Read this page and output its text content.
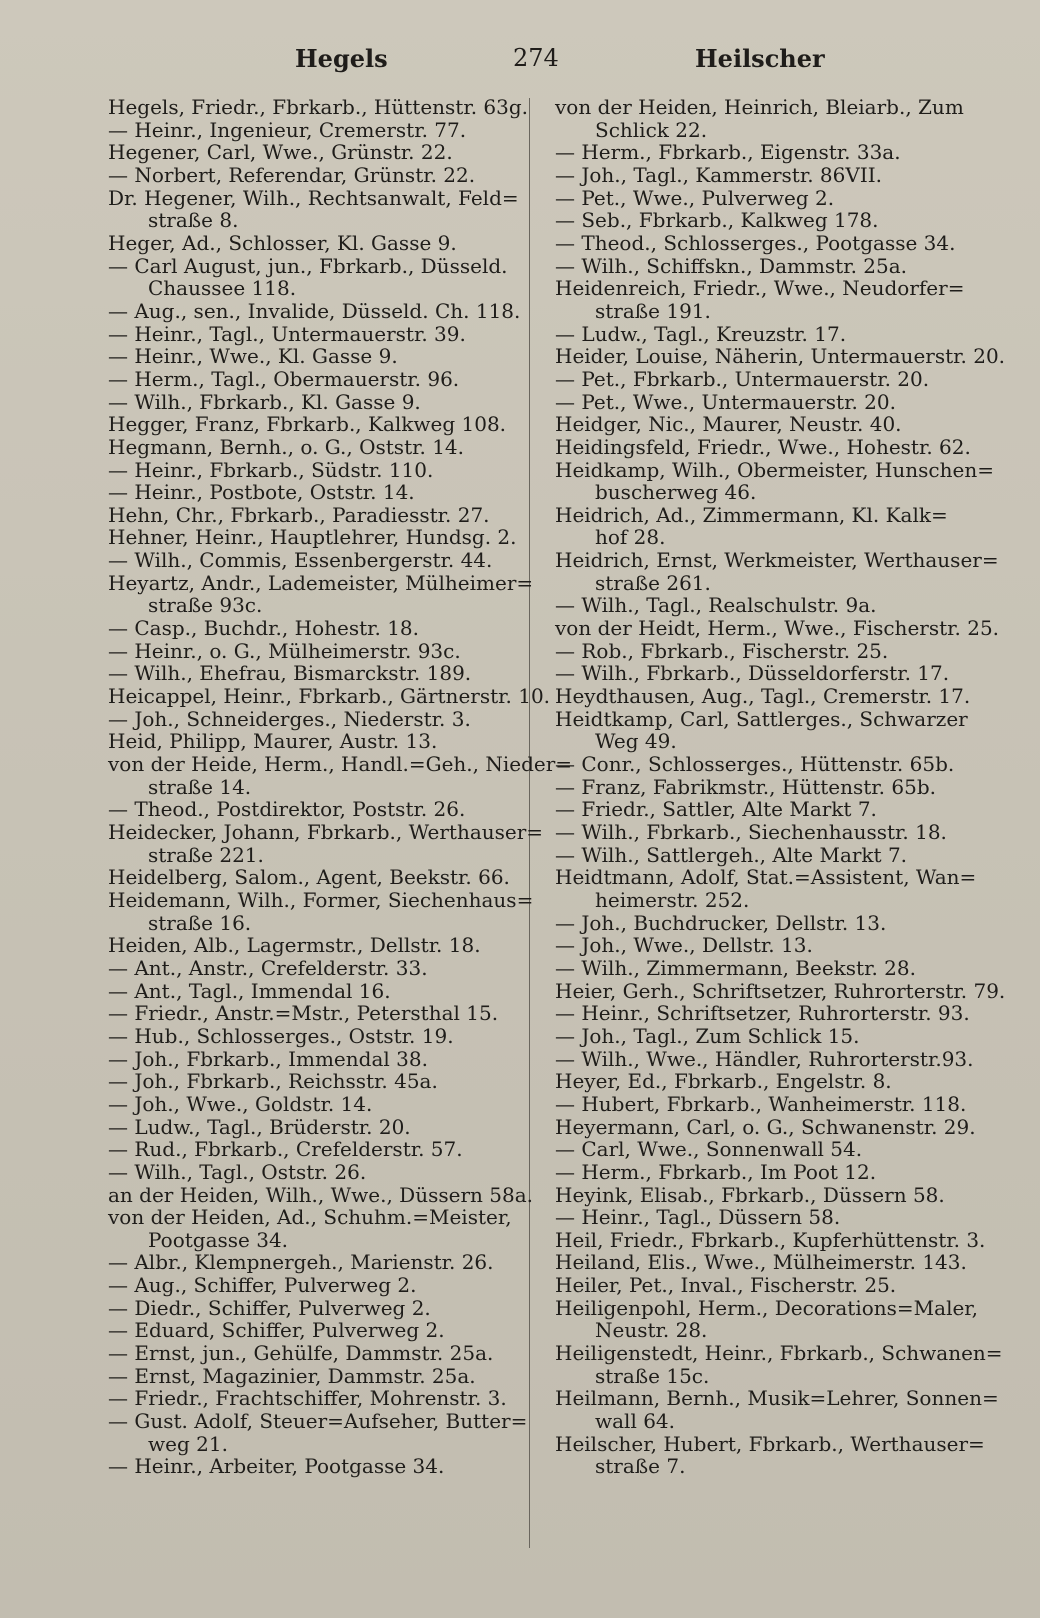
Hegels	274	Heilscher
Hegels, Friedr., Fbrkarb., Hüttenstr. 63g.
— Heinr., Ingenieur, Cremerstr. 77.
Hegener, Carl, Wwe., Grünstr. 22.
— Norbert, Referendar, Grünstr. 22.
Dr. Hegener, Wilh., Rechtsanwalt, Feld=
straße 8.
Heger, Ad., Schlosser, Kl. Gasse 9.
— Carl August, jun., Fbrkarb., Düsseld.
Chaussee 118.
— Aug., sen., Invalide, Düsseld. Ch. 118.
— Heinr., Tagl., Untermauerstr. 39.
— Heinr., Wwe., Kl. Gasse 9.
— Herm., Tagl., Obermauerstr. 96.
— Wilh., Fbrkarb., Kl. Gasse 9.
Hegger, Franz, Fbrkarb., Kalkweg 108.
Hegmann, Bernh., o. G., Oststr. 14.
— Heinr., Fbrkarb., Südstr. 110.
— Heinr., Postbote, Oststr. 14.
Hehn, Chr., Fbrkarb., Paradiesstr. 27.
Hehner, Heinr., Hauptlehrer, Hundsg. 2.
— Wilh., Commis, Essenbergerstr. 44.
Heyartz, Andr., Lademeister, Mülheimer=
straße 93c.
— Casp., Buchdr., Hohestr. 18.
— Heinr., o. G., Mülheimerstr. 93c.
— Wilh., Ehefrau, Bismarckstr. 189.
Heicappel, Heinr., Fbrkarb., Gärtnerstr. 10.
— Joh., Schneiderges., Niederstr. 3.
Heid, Philipp, Maurer, Austr. 13.
von der Heide, Herm., Handl.=Geh., Nieder=
straße 14.
— Theod., Postdirektor, Poststr. 26.
Heidecker, Johann, Fbrkarb., Werthauser=
straße 221.
Heidelberg, Salom., Agent, Beekstr. 66.
Heidemann, Wilh., Former, Siechenhaus=
straße 16.
Heiden, Alb., Lagermstr., Dellstr. 18.
— Ant., Anstr., Crefelderstr. 33.
— Ant., Tagl., Immendal 16.
— Friedr., Anstr.=Mstr., Petersthal 15.
— Hub., Schlosserges., Oststr. 19.
— Joh., Fbrkarb., Immendal 38.
— Joh., Fbrkarb., Reichsstr. 45a.
— Joh., Wwe., Goldstr. 14.
— Ludw., Tagl., Brüderstr. 20.
— Rud., Fbrkarb., Crefelderstr. 57.
— Wilh., Tagl., Oststr. 26.
an der Heiden, Wilh., Wwe., Düssern 58a.
von der Heiden, Ad., Schuhm.=Meister,
Pootgasse 34.
— Albr., Klempnergeh., Marienstr. 26.
— Aug., Schiffer, Pulverweg 2.
— Diedr., Schiffer, Pulverweg 2.
— Eduard, Schiffer, Pulverweg 2.
— Ernst, jun., Gehülfe, Dammstr. 25a.
— Ernst, Magazinier, Dammstr. 25a.
— Friedr., Frachtschiffer, Mohrenstr. 3.
— Gust. Adolf, Steuer=Aufseher, Butter=
weg 21.
— Heinr., Arbeiter, Pootgasse 34.
von der Heiden, Heinrich, Bleiarb., Zum
Schlick 22.
— Herm., Fbrkarb., Eigenstr. 33a.
— Joh., Tagl., Kammerstr. 86VII.
— Pet., Wwe., Pulverweg 2.
— Seb., Fbrkarb., Kalkweg 178.
— Theod., Schlosserges., Pootgasse 34.
— Wilh., Schiffskn., Dammstr. 25a.
Heidenreich, Friedr., Wwe., Neudorfer=
straße 191.
— Ludw., Tagl., Kreuzstr. 17.
Heider, Louise, Näherin, Untermauerstr. 20.
— Pet., Fbrkarb., Untermauerstr. 20.
— Pet., Wwe., Untermauerstr. 20.
Heidger, Nic., Maurer, Neustr. 40.
Heidingsfeld, Friedr., Wwe., Hohestr. 62.
Heidkamp, Wilh., Obermeister, Hunschen=
buscherweg 46.
Heidrich, Ad., Zimmermann, Kl. Kalk=
hof 28.
Heidrich, Ernst, Werkmeister, Werthauser=
straße 261.
— Wilh., Tagl., Realschulstr. 9a.
von der Heidt, Herm., Wwe., Fischerstr. 25.
— Rob., Fbrkarb., Fischerstr. 25.
— Wilh., Fbrkarb., Düsseldorferstr. 17.
Heydthausen, Aug., Tagl., Cremerstr. 17.
Heidtkamp, Carl, Sattlerges., Schwarzer
Weg 49.
— Conr., Schlosserges., Hüttenstr. 65b.
— Franz, Fabrikmstr., Hüttenstr. 65b.
— Friedr., Sattler, Alte Markt 7.
— Wilh., Fbrkarb., Siechenhausstr. 18.
— Wilh., Sattlergeh., Alte Markt 7.
Heidtmann, Adolf, Stat.=Assistent, Wan=
heimerstr. 252.
— Joh., Buchdrucker, Dellstr. 13.
— Joh., Wwe., Dellstr. 13.
— Wilh., Zimmermann, Beekstr. 28.
Heier, Gerh., Schriftsetzer, Ruhrorterstr. 79.
— Heinr., Schriftsetzer, Ruhrorterstr. 93.
— Joh., Tagl., Zum Schlick 15.
— Wilh., Wwe., Händler, Ruhrorterstr.93.
Heyer, Ed., Fbrkarb., Engelstr. 8.
— Hubert, Fbrkarb., Wanheimerstr. 118.
Heyermann, Carl, o. G., Schwanenstr. 29.
— Carl, Wwe., Sonnenwall 54.
— Herm., Fbrkarb., Im Poot 12.
Heyink, Elisab., Fbrkarb., Düssern 58.
— Heinr., Tagl., Düssern 58.
Heil, Friedr., Fbrkarb., Kupferhüttenstr. 3.
Heiland, Elis., Wwe., Mülheimerstr. 143.
Heiler, Pet., Inval., Fischerstr. 25.
Heiligenpohl, Herm., Decorations=Maler,
Neustr. 28.
Heiligenstedt, Heinr., Fbrkarb., Schwanen=
straße 15c.
Heilmann, Bernh., Musik=Lehrer, Sonnen=
wall 64.
Heilscher, Hubert, Fbrkarb., Werthauser=
straße 7.
